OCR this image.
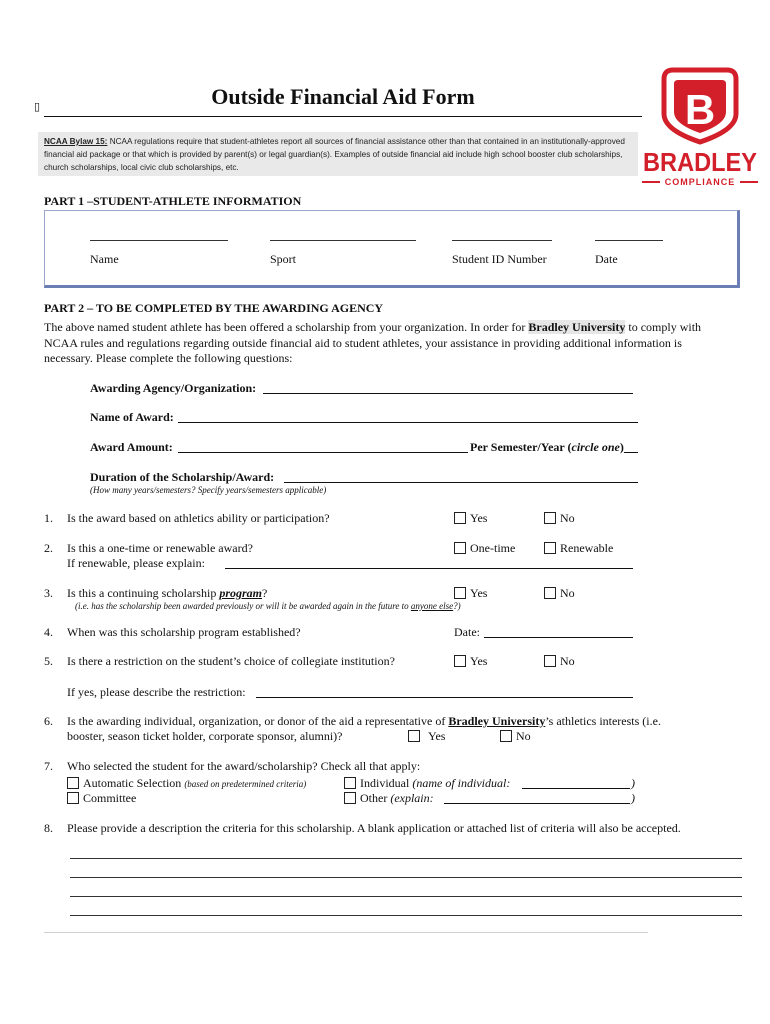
▯	Outside Financial Aid Form
NCAA Bylaw 15: NCAA regulations require that student-athletes report all sources of financial assistance other than that contained in an institutionally-approved financial aid package or that which is provided by parent(s) or legal guardian(s). Examples of outside financial aid include high school booster club scholarships, church scholarships, local civic club scholarships, etc.
B
BRADLEY
COMPLIANCE
PART 1 –STUDENT-ATHLETE INFORMATION
Name	Sport	Student ID Number	Date
PART 2 – TO BE COMPLETED BY THE AWARDING AGENCY
The above named student athlete has been offered a scholarship from your organization. In order for Bradley University to comply with NCAA rules and regulations regarding outside financial aid to student athletes, your assistance in providing additional information is necessary. Please complete the following questions:
Awarding Agency/Organization:
Name of Award:
Award Amount:	Per Semester/Year (circle one)
Duration of the Scholarship/Award:
(How many years/semesters? Specify years/semesters applicable)
1. Is the award based on athletics ability or participation?	Yes	No
2. Is this a one-time or renewable award?
If renewable, please explain:
One-time	Renewable
3. Is this a continuing scholarship program?
(i.e. has the scholarship been awarded previously or will it be awarded again in the future to anyone else?)
Yes	No
4. When was this scholarship program established?	Date:
5. Is there a restriction on the student’s choice of collegiate institution?	Yes	No
If yes, please describe the restriction:
6. Is the awarding individual, organization, or donor of the aid a representative of Bradley University’s athletics interests (i.e.
booster, season ticket holder, corporate sponsor, alumni)?	Yes	No
7. Who selected the student for the award/scholarship? Check all that apply:
Automatic Selection (based on predetermined criteria)
Committee
Individual (name of individual:	)
Other (explain:	)
8. Please provide a description the criteria for this scholarship. A blank application or attached list of criteria will also be accepted.
